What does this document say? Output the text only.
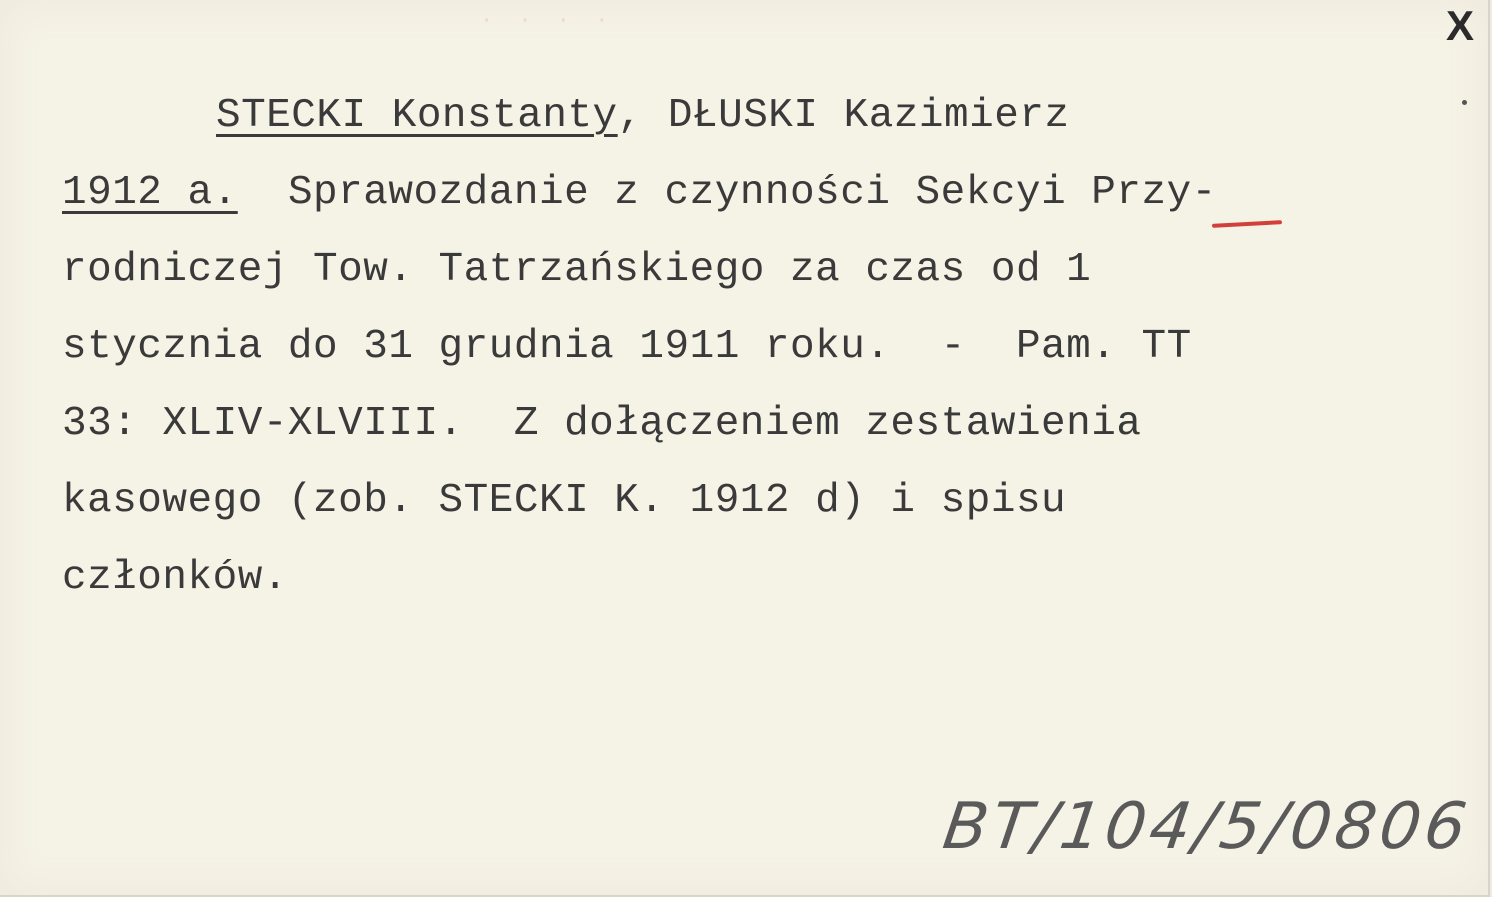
· · · ·	X
STECKI Konstanty, DŁUSKI Kazimierz
1912 a.  Sprawozdanie z czynności Sekcyi Przy-
rodniczej Tow. Tatrzańskiego za czas od 1
stycznia do 31 grudnia 1911 roku.  -  Pam. TT
33: XLIV-XLVIII.  Z dołączeniem zestawienia
kasowego (zob. STECKI K. 1912 d) i spisu
członków.
BT/104/5/0806
